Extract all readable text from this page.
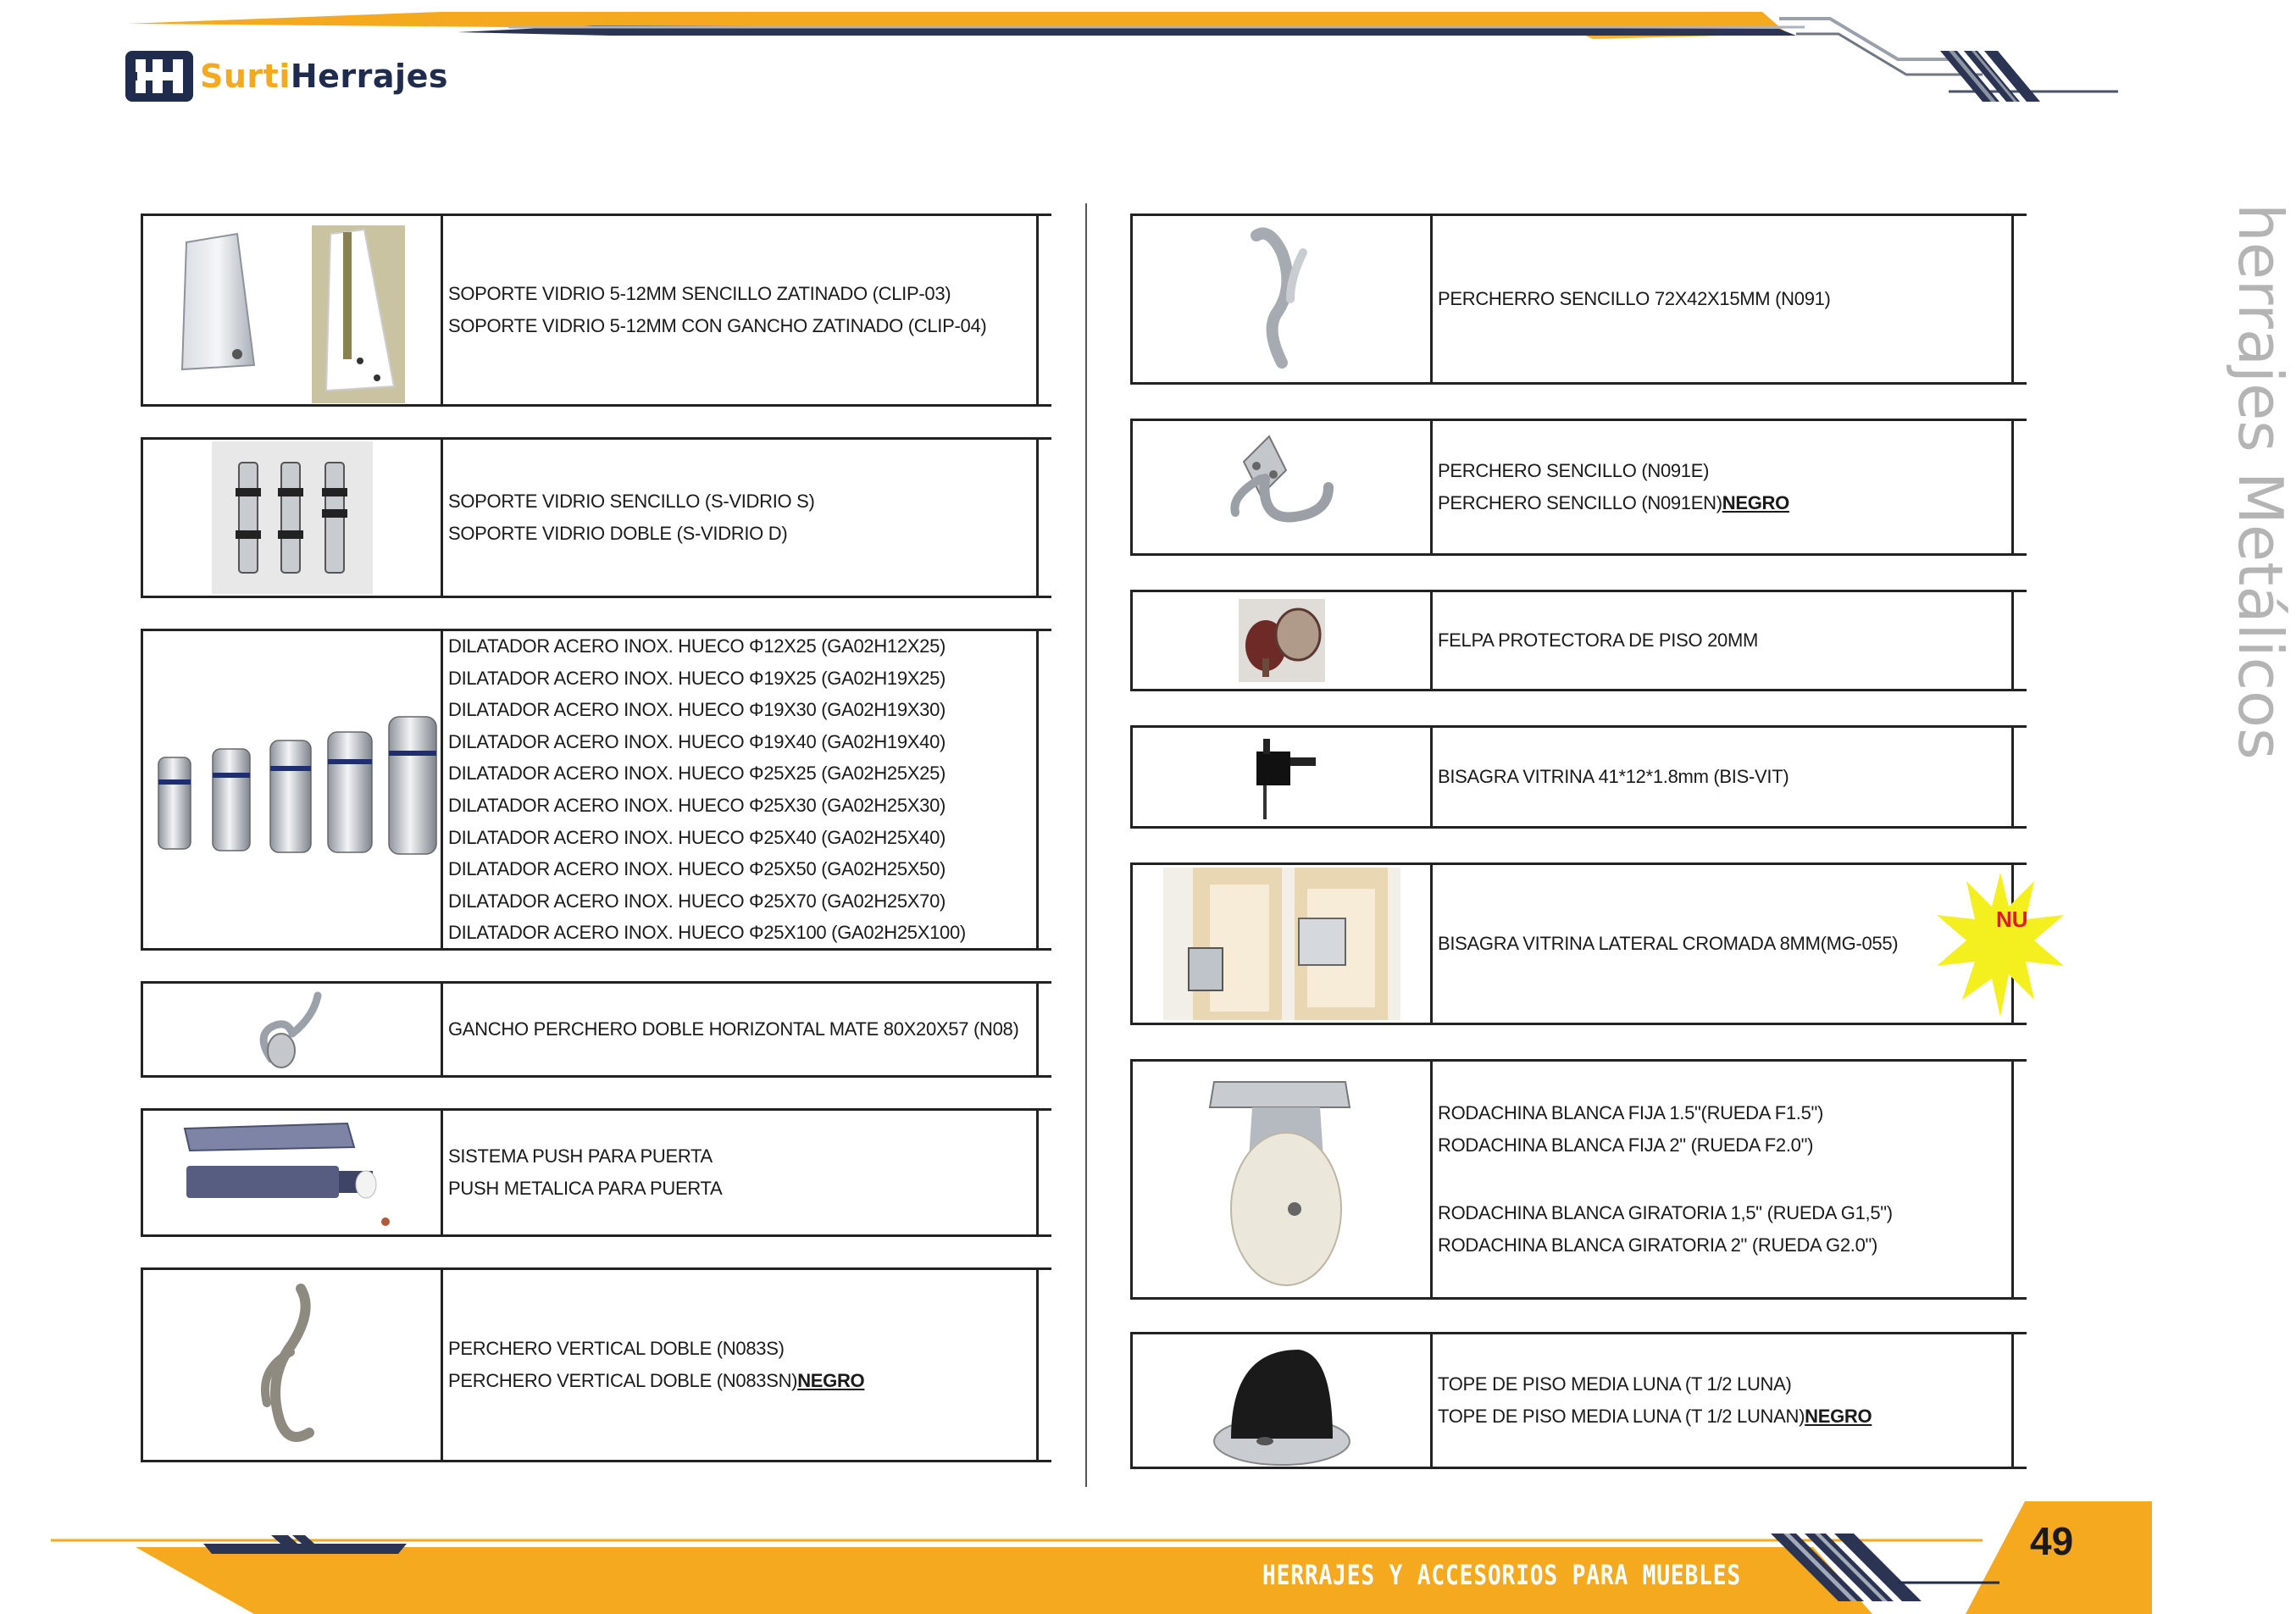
SurtiHerrajes
herrajes Metálicos
SOPORTE VIDRIO 5-12MM SENCILLO ZATINADO (CLIP-03)
SOPORTE VIDRIO 5-12MM CON GANCHO ZATINADO (CLIP-04)
SOPORTE VIDRIO SENCILLO (S-VIDRIO S)
SOPORTE VIDRIO DOBLE (S-VIDRIO D)
DILATADOR ACERO INOX. HUECO Φ12X25 (GA02H12X25)
DILATADOR ACERO INOX. HUECO Φ19X25 (GA02H19X25)
DILATADOR ACERO INOX. HUECO Φ19X30 (GA02H19X30)
DILATADOR ACERO INOX. HUECO Φ19X40 (GA02H19X40)
DILATADOR ACERO INOX. HUECO Φ25X25 (GA02H25X25)
DILATADOR ACERO INOX. HUECO Φ25X30 (GA02H25X30)
DILATADOR ACERO INOX. HUECO Φ25X40 (GA02H25X40)
DILATADOR ACERO INOX. HUECO Φ25X50 (GA02H25X50)
DILATADOR ACERO INOX. HUECO Φ25X70 (GA02H25X70)
DILATADOR ACERO INOX. HUECO Φ25X100 (GA02H25X100)
GANCHO PERCHERO DOBLE HORIZONTAL MATE 80X20X57 (N08)
SISTEMA PUSH PARA PUERTA
PUSH METALICA PARA PUERTA
PERCHERO VERTICAL DOBLE (N083S)
PERCHERO VERTICAL DOBLE (N083SN)NEGRO
PERCHERRO SENCILLO 72X42X15MM (N091)
PERCHERO SENCILLO (N091E)
PERCHERO SENCILLO (N091EN)NEGRO
FELPA PROTECTORA DE PISO 20MM
BISAGRA VITRINA 41*12*1.8mm (BIS-VIT)
BISAGRA VITRINA LATERAL CROMADA 8MM(MG-055)
RODACHINA BLANCA FIJA 1.5"(RUEDA F1.5")
RODACHINA BLANCA FIJA 2" (RUEDA F2.0")
RODACHINA BLANCA GIRATORIA 1,5" (RUEDA G1,5")
RODACHINA BLANCA GIRATORIA 2" (RUEDA G2.0")
TOPE DE PISO MEDIA LUNA (T 1/2 LUNA)
TOPE DE PISO MEDIA LUNA (T 1/2 LUNAN)NEGRO
NU
HERRAJES Y ACCESORIOS PARA MUEBLES
49
